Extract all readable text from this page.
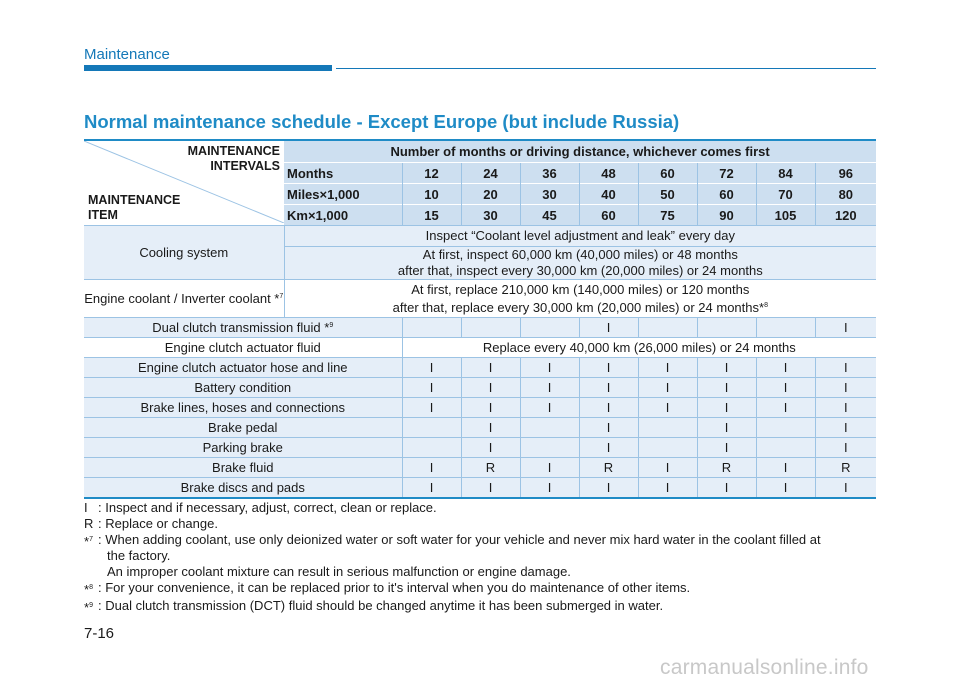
Maintenance
Normal maintenance schedule - Except Europe (but include Russia)
MAINTENANCE
INTERVALS
MAINTENANCE
ITEM	Number of months or driving distance, whichever comes first								
	Months	12	24	36	48	60	72	84	96
	Miles×1,000	10	20	30	40	50	60	70	80
	Km×1,000	15	30	45	60	75	90	105	120
Cooling system	Inspect “Coolant level adjustment and leak” every day								

	At first, inspect 60,000 km (40,000 miles) or 48 months
after that, inspect every 30,000 km (20,000 miles) or 24 months								

Engine coolant / Inverter coolant *$^7$	At first, replace 210,000 km (140,000 miles) or 120 months
after that, replace every 30,000 km (20,000 miles) or 24 months*$^8$

Dual clutch transmission fluid *$^9$					I				I
Engine clutch actuator fluid		Replace every 40,000 km (26,000 miles) or 24 months							
Engine clutch actuator hose and line		I	I	I	I	I	I	I	I
Battery condition		I	I	I	I	I	I	I	I
Brake lines, hoses and connections		I	I	I	I	I	I	I	I
Brake pedal			I		I		I		I
Parking brake			I		I		I		I
Brake fluid		I	R	I	R	I	R	I	R
Brake discs and pads		I	I	I	I	I	I	I	I
I : Inspect and if necessary, adjust, correct, clean or replace.
R : Replace or change.
*$^7$ : When adding coolant, use only deionized water or soft water for your vehicle and never mix hard water in the coolant filled at
the factory.
An improper coolant mixture can result in serious malfunction or engine damage.
*$^8$ : For your convenience, it can be replaced prior to it's interval when you do maintenance of other items.
*$^9$ : Dual clutch transmission (DCT) fluid should be changed anytime it has been submerged in water.
7-16
carmanualsonline.info
